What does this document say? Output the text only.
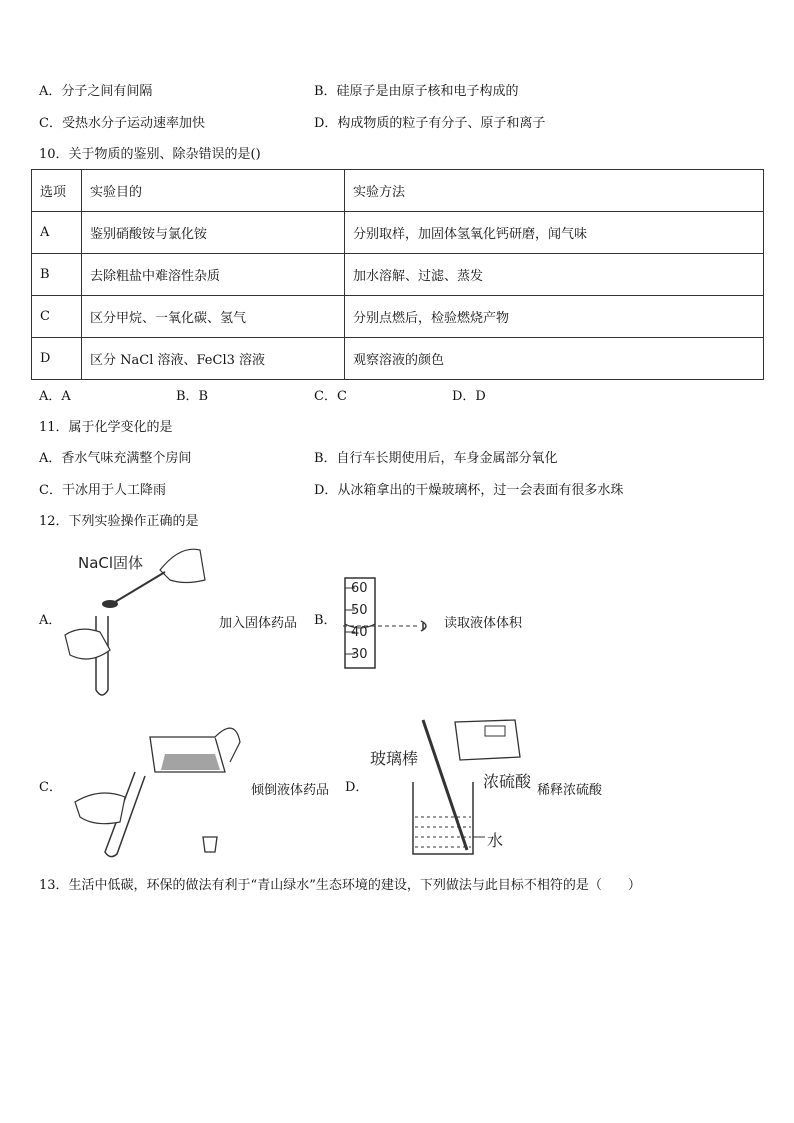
A．分子之间有间隔	B．硅原子是由原子核和电子构成的
C．受热水分子运动速率加快	D．构成物质的粒子有分子、原子和离子
10．关于物质的鉴别、除杂错误的是()
选项	实验目的	实验方法
A	鉴别硝酸铵与氯化铵	分别取样，加固体氢氧化钙研磨，闻气味
B	去除粗盐中难溶性杂质	加水溶解、过滤、蒸发
C	区分甲烷、一氧化碳、氢气	分别点燃后，检验燃烧产物
D	区分 NaCl 溶液、FeCl3 溶液	观察溶液的颜色
A．A	B．B	C．C	D．D
11．属于化学变化的是
A．香水气味充满整个房间	B．自行车长期使用后，车身金属部分氧化
C．干冰用于人工降雨	D．从冰箱拿出的干燥玻璃杯，过一会表面有很多水珠
12．下列实验操作正确的是
A．
NaCl固体
加入固体药品 B．
60
50
40
30
读取液体体积
C．	倾倒液体药品 D．
玻璃棒
浓硫酸
水
稀释浓硫酸
13．生活中低碳，环保的做法有利于“青山绿水”生态环境的建设，下列做法与此目标不相符的是（　　）
